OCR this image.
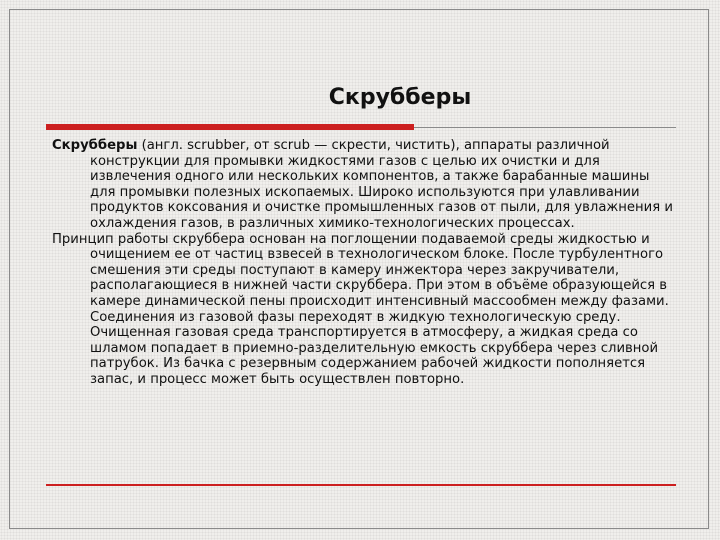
Скрубберы

Скрубберы (англ. scrubber, от scrub — скрести, чистить), аппараты различной конструкции для промывки жидкостями газов с целью их очистки и для извлечения одного или нескольких компонентов, а также барабанные машины для промывки полезных ископаемых. Широко используются при улавливании продуктов коксования и очистке промышленных газов от пыли, для увлажнения и охлаждения газов, в различных химико-технологических процессах.

Принцип работы скруббера основан на поглощении подаваемой среды жидкостью и очищением ее от частиц взвесей в технологическом блоке. После турбулентного смешения эти среды поступают в камеру инжектора через закручиватели, располагающиеся в нижней части скруббера. При этом в объёме образующейся в камере динамической пены происходит интенсивный массообмен между фазами. Соединения из газовой фазы переходят в жидкую технологическую среду. Очищенная газовая среда транспортируется в атмосферу, а жидкая среда со шламом попадает в приемно-разделительную емкость скруббера через сливной патрубок. Из бачка с резервным содержанием рабочей жидкости пополняется запас, и процесс может быть осуществлен повторно.
